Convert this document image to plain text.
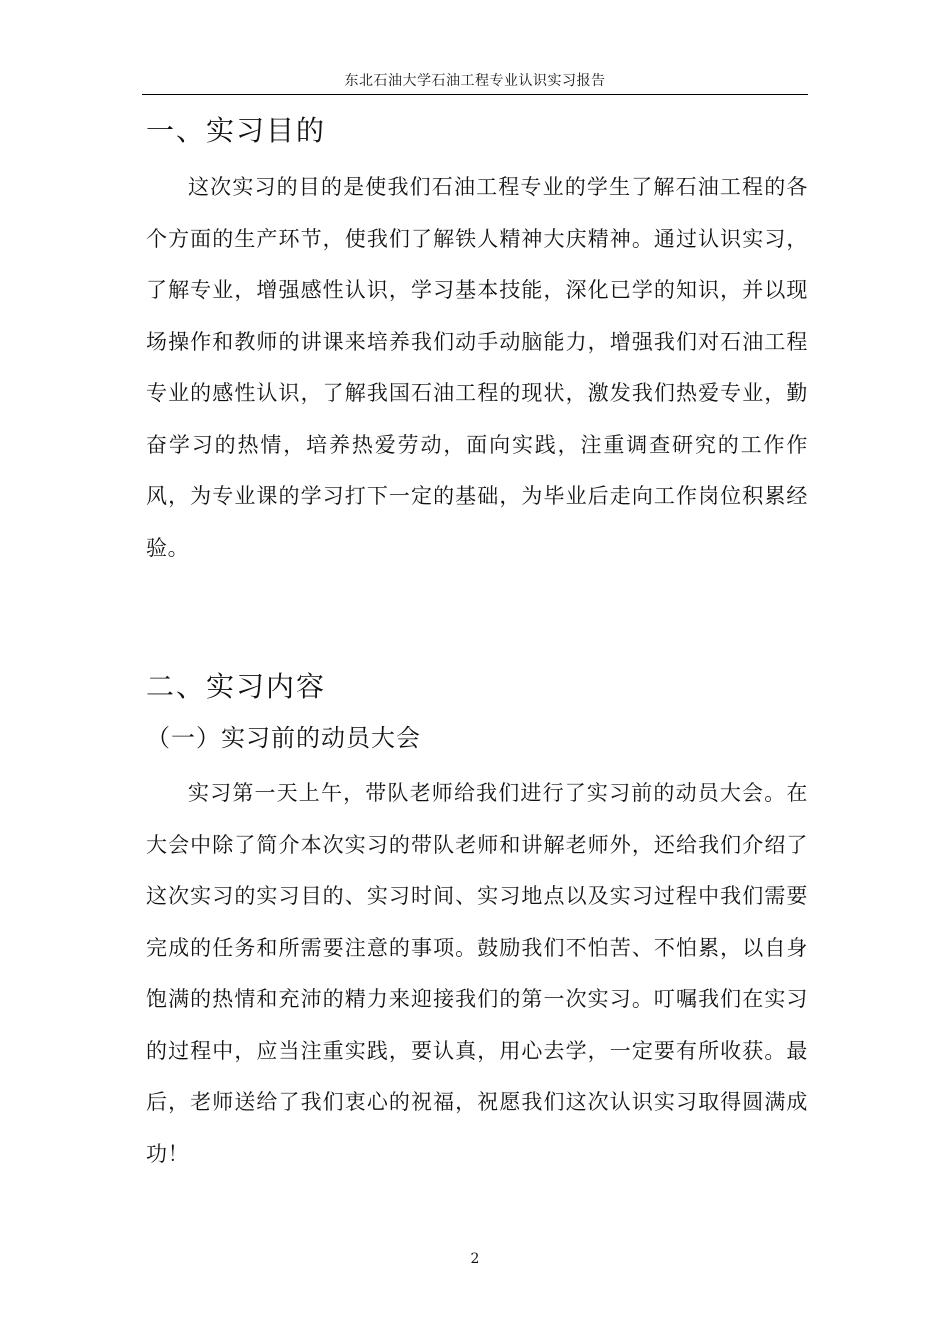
东北石油大学石油工程专业认识实习报告
一、实习目的

这次实习的目的是使我们石油工程专业的学生了解石油工程的各个方面的生产环节，使我们了解铁人精神大庆精神。通过认识实习，了解专业，增强感性认识，学习基本技能，深化已学的知识，并以现场操作和教师的讲课来培养我们动手动脑能力，增强我们对石油工程专业的感性认识，了解我国石油工程的现状，激发我们热爱专业，勤奋学习的热情，培养热爱劳动，面向实践，注重调查研究的工作作风，为专业课的学习打下一定的基础，为毕业后走向工作岗位积累经验。

二、实习内容
（一）实习前的动员大会

实习第一天上午，带队老师给我们进行了实习前的动员大会。在大会中除了简介本次实习的带队老师和讲解老师外，还给我们介绍了这次实习的实习目的、实习时间、实习地点以及实习过程中我们需要完成的任务和所需要注意的事项。鼓励我们不怕苦、不怕累，以自身饱满的热情和充沛的精力来迎接我们的第一次实习。叮嘱我们在实习的过程中，应当注重实践，要认真，用心去学，一定要有所收获。最后，老师送给了我们衷心的祝福，祝愿我们这次认识实习取得圆满成功！

2
